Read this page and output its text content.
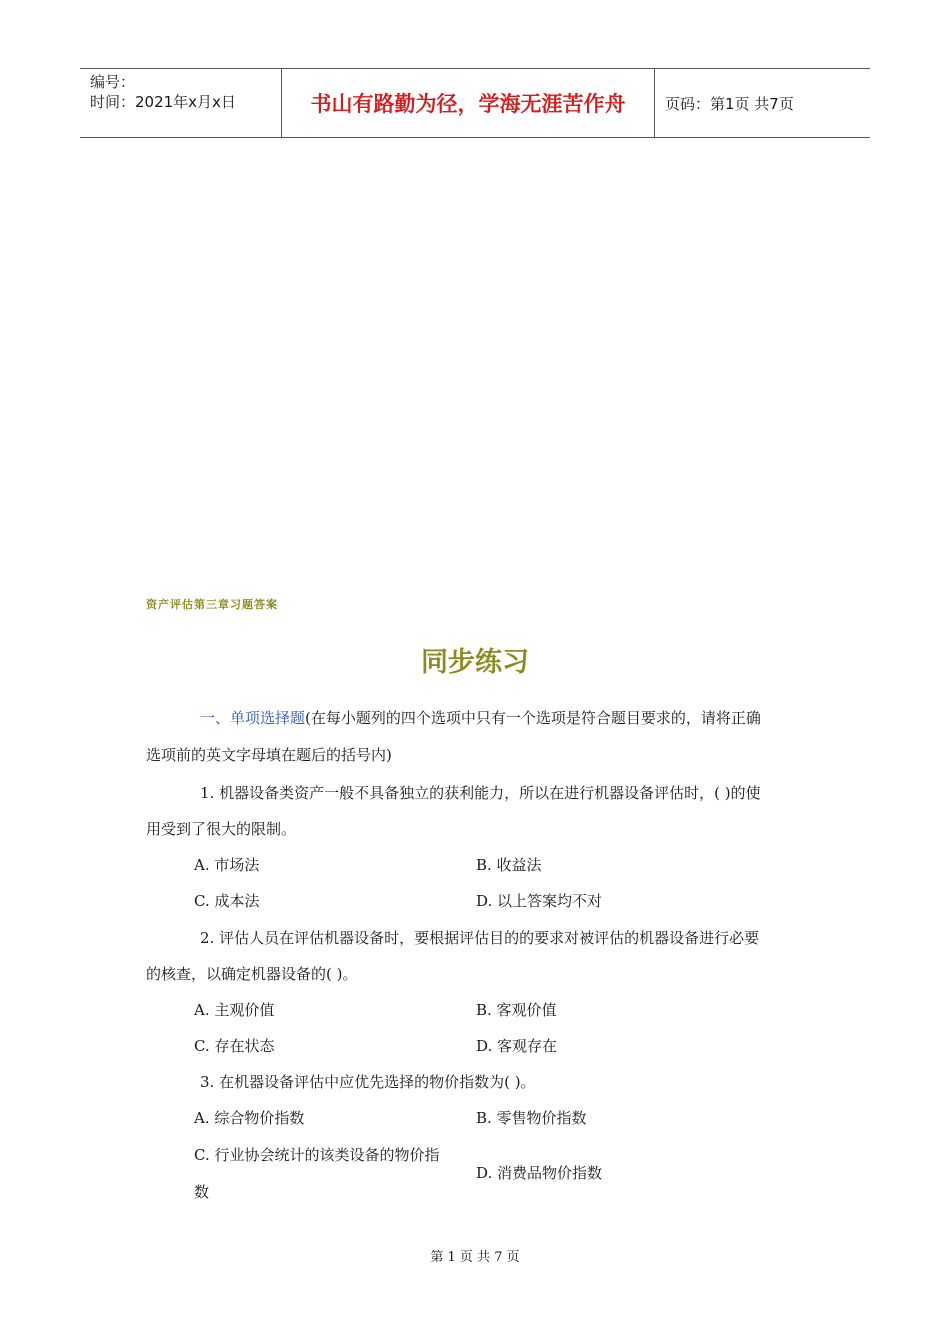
编号：
时间：2021年x月x日	书山有路勤为径，学海无涯苦作舟	页码：第1页 共7页
资产评估第三章习题答案
同步练习
一、单项选择题(在每小题列的四个选项中只有一个选项是符合题目要求的，请将正确
选项前的英文字母填在题后的括号内)
1. 机器设备类资产一般不具备独立的获利能力，所以在进行机器设备评估时，( )的使
用受到了很大的限制。
A. 市场法	B. 收益法
C. 成本法	D. 以上答案均不对
2. 评估人员在评估机器设备时，要根据评估目的的要求对被评估的机器设备进行必要
的核查，以确定机器设备的( )。
A. 主观价值	B. 客观价值
C. 存在状态	D. 客观存在
3. 在机器设备评估中应优先选择的物价指数为( )。
A. 综合物价指数	B. 零售物价指数
C. 行业协会统计的该类设备的物价指
数
D. 消费品物价指数
第 1 页 共 7 页
